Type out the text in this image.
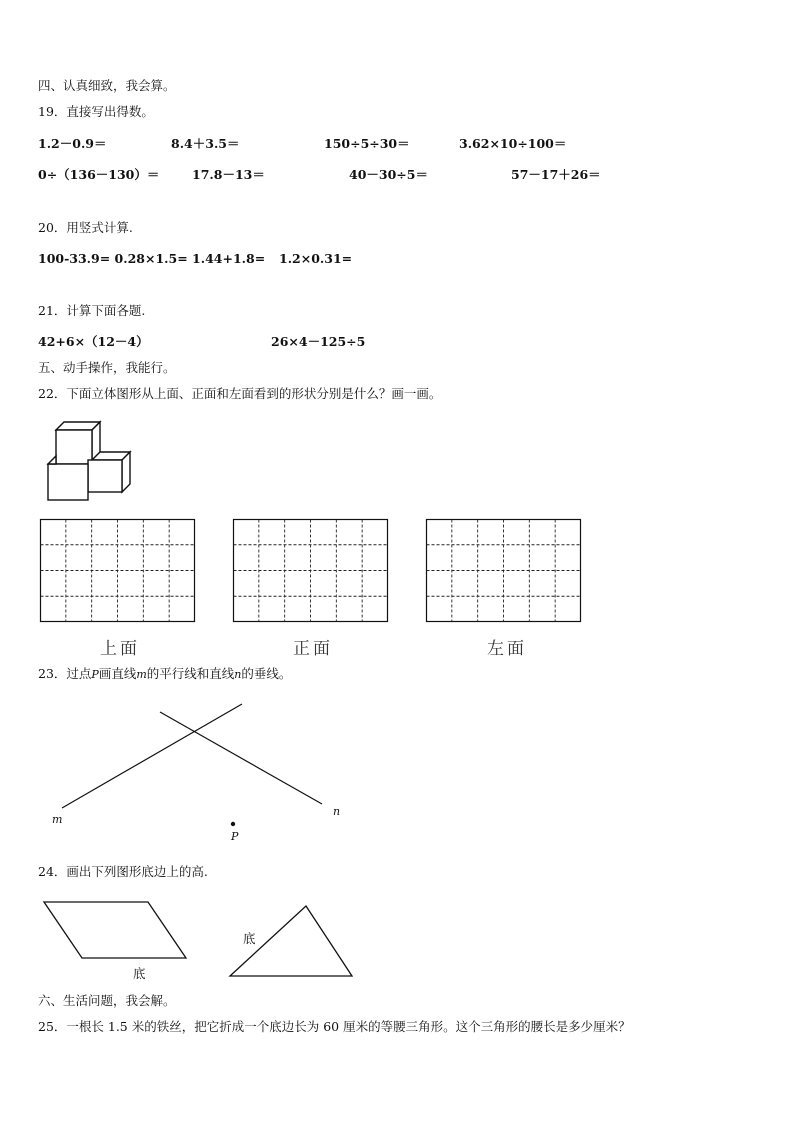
四、认真细致，我会算。
19．直接写出得数。
1.2－0.9＝	8.4＋3.5＝	150÷5÷30＝	3.62×10÷100＝
0÷（136－130）＝	17.8－13＝	40－30÷5＝	57－17＋26＝
20．用竖式计算.
100-33.9= 0.28×1.5= 1.44+1.8= 1.2×0.31=
21．计算下面各题.
42+6×（12－4）	26×4－125÷5
五、动手操作，我能行。
22．下面立体图形从上面、正面和左面看到的形状分别是什么？画一画。
上面	正面	左面
23．过点P画直线m的平行线和直线n的垂线。
m
n
P
24．画出下列图形底边上的高.
底
底
六、生活问题，我会解。
25．一根长 1.5 米的铁丝，把它折成一个底边长为 60 厘米的等腰三角形。这个三角形的腰长是多少厘米？
